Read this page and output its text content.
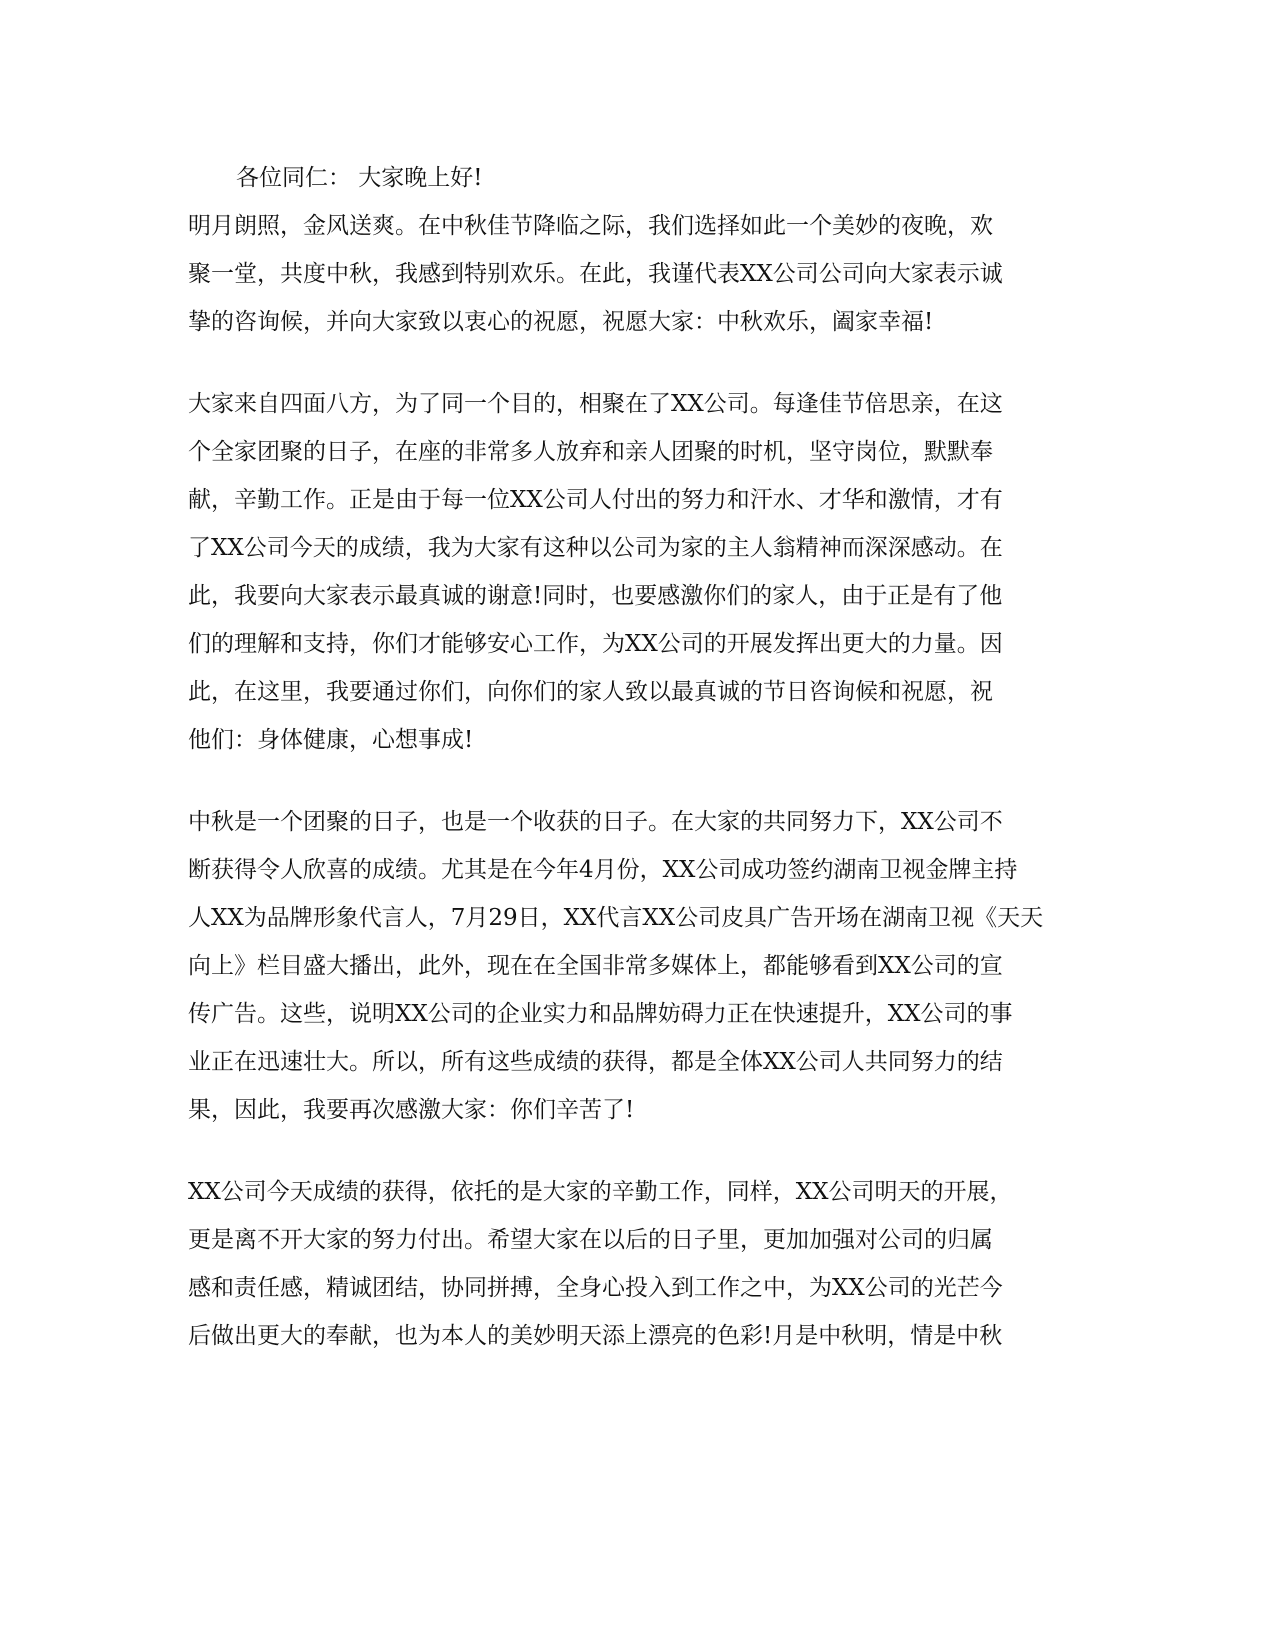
各位同仁： 大家晚上好!
明月朗照，金风送爽。在中秋佳节降临之际，我们选择如此一个美妙的夜晚，欢
聚一堂，共度中秋，我感到特别欢乐。在此，我谨代表XX公司公司向大家表示诚
挚的咨询候，并向大家致以衷心的祝愿，祝愿大家：中秋欢乐，阖家幸福!
大家来自四面八方，为了同一个目的，相聚在了XX公司。每逢佳节倍思亲，在这
个全家团聚的日子，在座的非常多人放弃和亲人团聚的时机，坚守岗位，默默奉
献，辛勤工作。正是由于每一位XX公司人付出的努力和汗水、才华和激情，才有
了XX公司今天的成绩，我为大家有这种以公司为家的主人翁精神而深深感动。在
此，我要向大家表示最真诚的谢意!同时，也要感激你们的家人，由于正是有了他
们的理解和支持，你们才能够安心工作，为XX公司的开展发挥出更大的力量。因
此，在这里，我要通过你们，向你们的家人致以最真诚的节日咨询候和祝愿，祝
他们：身体健康，心想事成!
中秋是一个团聚的日子，也是一个收获的日子。在大家的共同努力下，XX公司不
断获得令人欣喜的成绩。尤其是在今年4月份，XX公司成功签约湖南卫视金牌主持
人XX为品牌形象代言人，7月29日，XX代言XX公司皮具广告开场在湖南卫视《天天
向上》栏目盛大播出，此外，现在在全国非常多媒体上，都能够看到XX公司的宣
传广告。这些，说明XX公司的企业实力和品牌妨碍力正在快速提升，XX公司的事
业正在迅速壮大。所以，所有这些成绩的获得，都是全体XX公司人共同努力的结
果，因此，我要再次感激大家：你们辛苦了!
XX公司今天成绩的获得，依托的是大家的辛勤工作，同样，XX公司明天的开展，
更是离不开大家的努力付出。希望大家在以后的日子里，更加加强对公司的归属
感和责任感，精诚团结，协同拼搏，全身心投入到工作之中，为XX公司的光芒今
后做出更大的奉献，也为本人的美妙明天添上漂亮的色彩!月是中秋明，情是中秋
